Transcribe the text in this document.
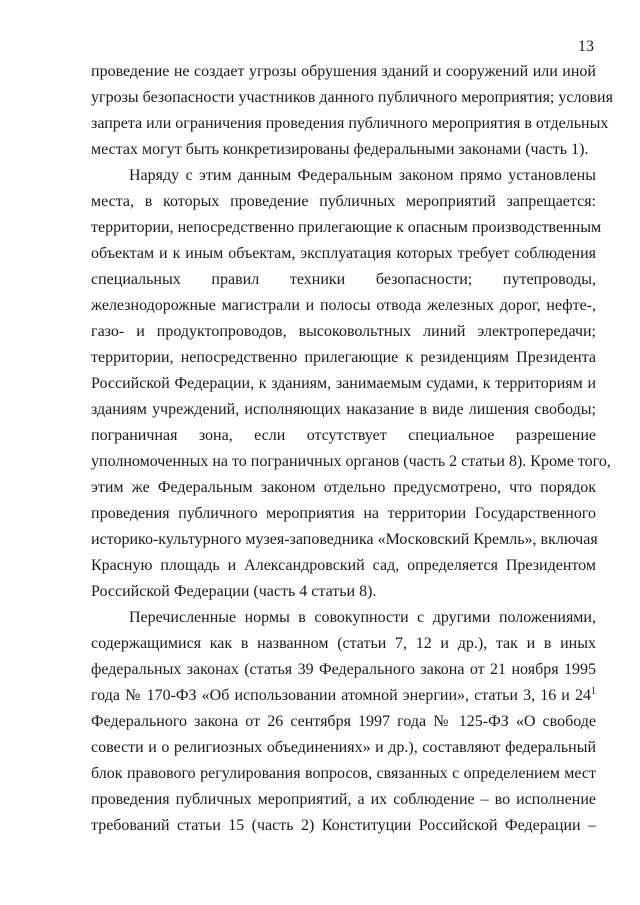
13
проведение не создает угрозы обрушения зданий и сооружений или иной
угрозы безопасности участников данного публичного мероприятия; условия
запрета или ограничения проведения публичного мероприятия в отдельных
местах могут быть конкретизированы федеральными законами (часть 1).
Наряду с этим данным Федеральным законом прямо установлены
места, в которых проведение публичных мероприятий запрещается:
территории, непосредственно прилегающие к опасным производственным
объектам и к иным объектам, эксплуатация которых требует соблюдения
специальных правил техники безопасности; путепроводы,
железнодорожные магистрали и полосы отвода железных дорог, нефте-,
газо- и продуктопроводов, высоковольтных линий электропередачи;
территории, непосредственно прилегающие к резиденциям Президента
Российской Федерации, к зданиям, занимаемым судами, к территориям и
зданиям учреждений, исполняющих наказание в виде лишения свободы;
пограничная зона, если отсутствует специальное разрешение
уполномоченных на то пограничных органов (часть 2 статьи 8). Кроме того,
этим же Федеральным законом отдельно предусмотрено, что порядок
проведения публичного мероприятия на территории Государственного
историко-культурного музея-заповедника «Московский Кремль», включая
Красную площадь и Александровский сад, определяется Президентом
Российской Федерации (часть 4 статьи 8).
Перечисленные нормы в совокупности с другими положениями,
содержащимися как в названном (статьи 7, 12 и др.), так и в иных
федеральных законах (статья 39 Федерального закона от 21 ноября 1995
года № 170-ФЗ «Об использовании атомной энергии», статьи 3, 16 и $24^1$
Федерального закона от 26 сентября 1997 года № 125-ФЗ «О свободе
совести и о религиозных объединениях» и др.), составляют федеральный
блок правового регулирования вопросов, связанных с определением мест
проведения публичных мероприятий, а их соблюдение – во исполнение
требований статьи 15 (часть 2) Конституции Российской Федерации –
